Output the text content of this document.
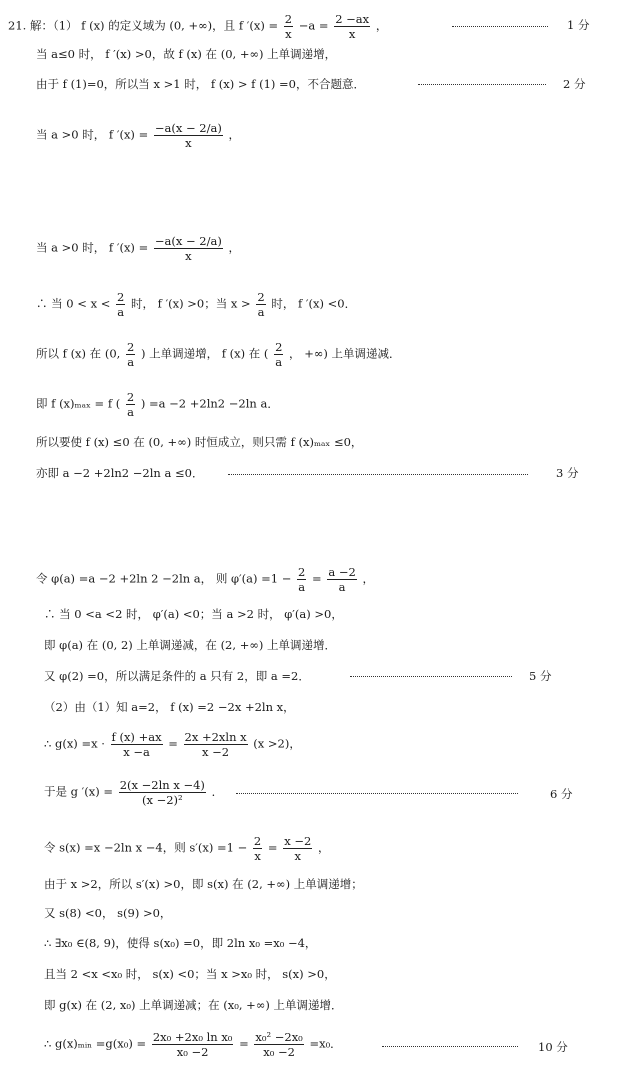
21. 解：（1） f (x) 的定义域为 (0, +∞)，且 f $'(x) = \frac{2}{x} -a = \frac{2 -ax}{x}$ ，	1 分
当 a≤0 时， f ′(x) >0，故 f (x) 在 (0, +∞) 上单调递增，
由于 f (1)=0，所以当 x >1 时， f (x) > f (1) =0，不合题意．	2 分
当 a >0 时， f $'(x) = \frac{-a(x - 2/a)}{x}$ ，
当 a >0 时， f $'(x) = \frac{-a(x - 2/a)}{x}$ ，
∴ 当 $0 < x < \frac{2}{a}$ 时， f ′(x) >0；当 $x > \frac{2}{a}$ 时， f ′(x) <0．
所以 f (x) 在 (0, $\frac{2}{a}$ ) 上单调递增， f (x) 在 ( $\frac{2}{a}$ ， +∞) 上单调递减．
即 f (x)ₘₐₓ = f ( $\frac{2}{a}$ ) =a −2 +2ln2 −2ln a．
所以要使 f (x) ≤0 在 (0, +∞) 时恒成立，则只需 f (x)ₘₐₓ ≤0，
亦即 a −2 +2ln2 −2ln a ≤0．	3 分
令 φ(a) =a −2 +2ln 2 −2ln a， 则 $\varphi'(a) =1 - \frac{2}{a} = \frac{a -2}{a}$ ，
∴ 当 0 <a <2 时， φ′(a) <0；当 a >2 时， φ′(a) >0，
即 φ(a) 在 (0, 2) 上单调递减，在 (2, +∞) 上单调递增．
又 φ(2) =0，所以满足条件的 a 只有 2，即 a =2．	5 分
（2）由（1）知 a=2， f (x) =2 −2x +2ln x，
∴ $g(x) =x \cdot \frac{f (x) +ax}{x -a} = \frac{\text{2x +2xln x}}{x -2} (x >2)$，
于是 g $'(x) = \frac{\text{2(x −2ln x −4)}}{\text{(x −2)²}}$ ．	6 分
令 s(x) =x −2ln x −4，则 $s'(x) =1 - \frac{2}{x} = \frac{x -2}{x}$ ，
由于 x >2，所以 s′(x) >0，即 s(x) 在 (2, +∞) 上单调递增；
又 s(8) <0， s(9) >0，
∴ ∃x₀ ∈(8, 9)，使得 s(x₀) =0，即 2ln x₀ =x₀ −4，
且当 2 <x <x₀ 时， s(x) <0；当 x >x₀ 时， s(x) >0，
即 g(x) 在 (2, x₀) 上单调递减；在 (x₀, +∞) 上单调递增．
∴ g(x)ₘᵢₙ $=g(x_0) = \frac{\text{2x₀ +2x₀ ln x₀}}{\text{x₀ −2}} = \frac{\text{x₀² −2x₀}}{\text{x₀ −2}} =x_0$．	10 分
